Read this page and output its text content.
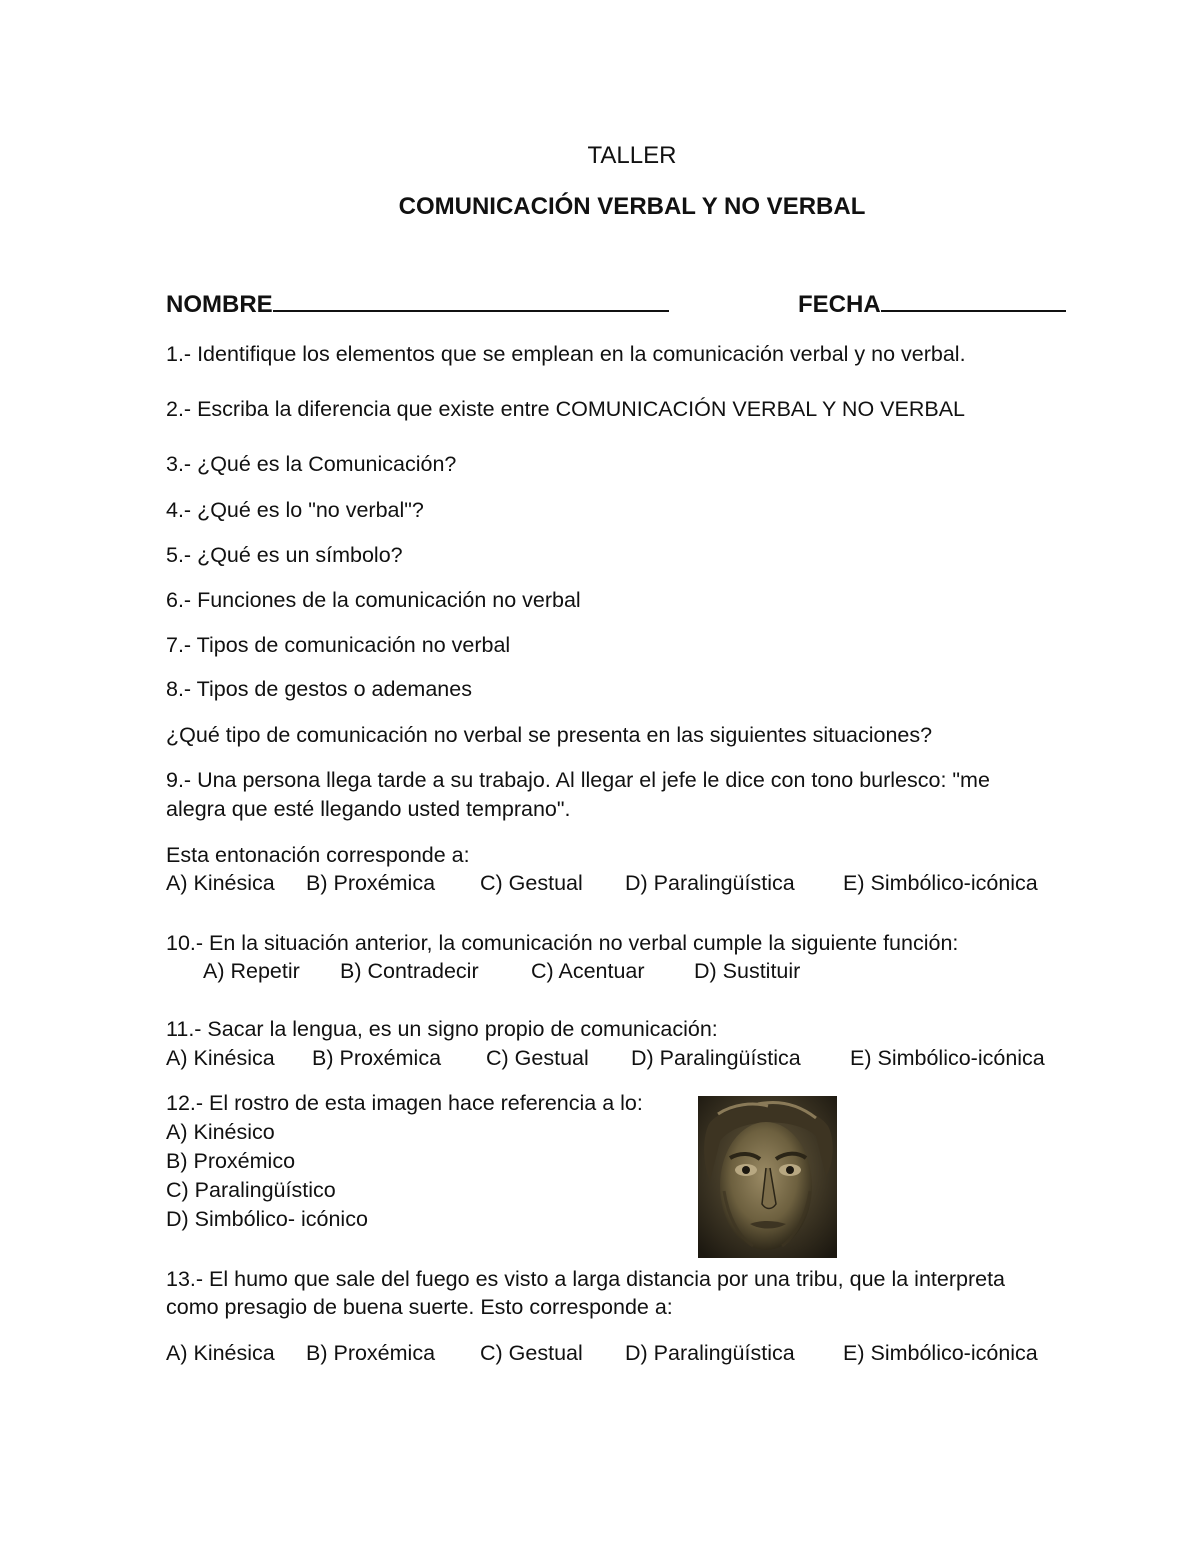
TALLER
COMUNICACIÓN VERBAL Y NO VERBAL
NOMBRE	FECHA
1.- Identifique los elementos que se emplean en la comunicación verbal y no verbal.
2.- Escriba la diferencia que existe entre COMUNICACIÓN VERBAL Y NO VERBAL
3.- ¿Qué es la Comunicación?
4.- ¿Qué es lo "no verbal"?
5.- ¿Qué es un símbolo?
6.- Funciones de la comunicación no verbal
7.- Tipos de comunicación no verbal
8.- Tipos de gestos o ademanes
¿Qué tipo de comunicación no verbal se presenta en las siguientes situaciones?
9.- Una persona llega tarde a su trabajo. Al llegar el jefe le dice con tono burlesco: "me
alegra que esté llegando usted temprano".
Esta entonación corresponde a:
A) Kinésica B) Proxémica C) Gestual D) Paralingüística E) Simbólico-icónica
10.- En la situación anterior, la comunicación no verbal cumple la siguiente función:
A) Repetir B) Contradecir C) Acentuar D) Sustituir
11.- Sacar la lengua, es un signo propio de comunicación:
A) Kinésica B) Proxémica C) Gestual D) Paralingüística E) Simbólico-icónica
12.- El rostro de esta imagen hace referencia a lo:
A) Kinésico
B) Proxémico
C) Paralingüístico
D) Simbólico- icónico
13.- El humo que sale del fuego es visto a larga distancia por una tribu, que la interpreta
como presagio de buena suerte. Esto corresponde a:
A) Kinésica B) Proxémica C) Gestual D) Paralingüística E) Simbólico-icónica
